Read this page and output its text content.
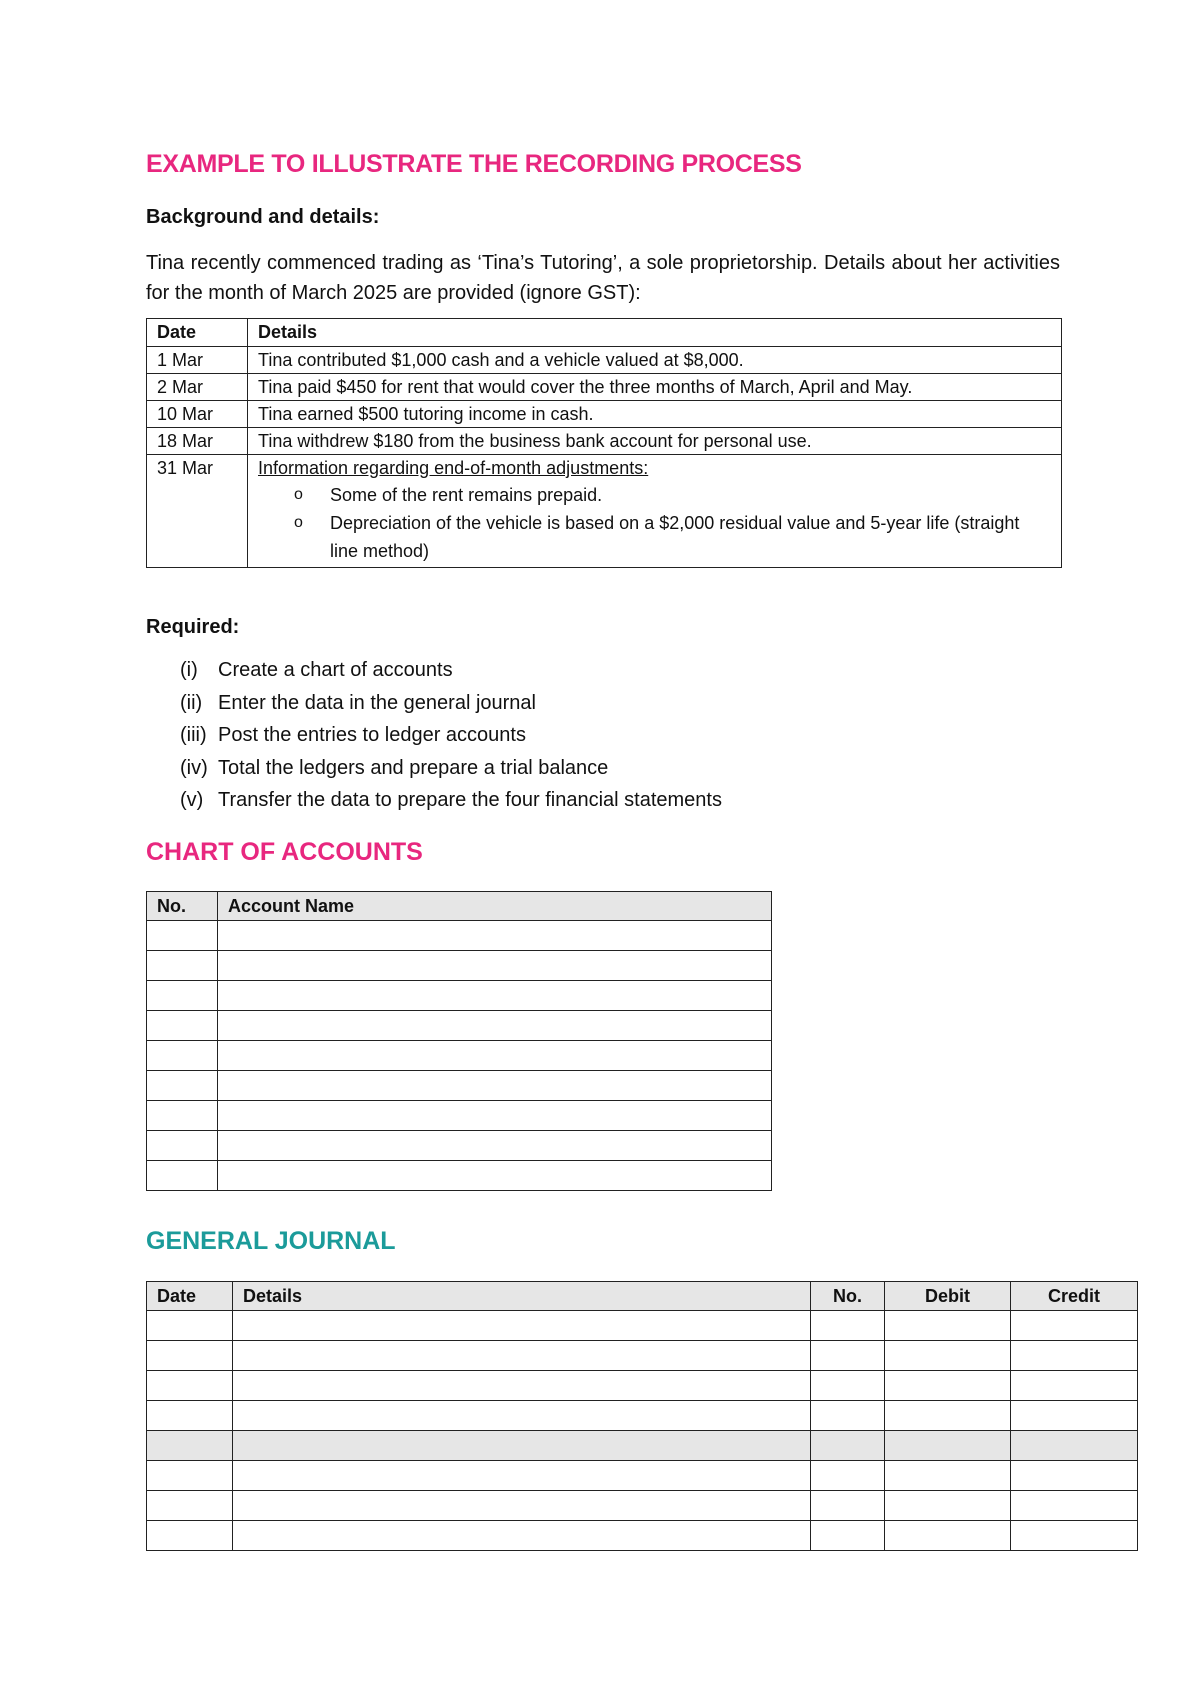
EXAMPLE TO ILLUSTRATE THE RECORDING PROCESS
Background and details:
Tina recently commenced trading as ‘Tina’s Tutoring’, a sole proprietorship. Details about her activities for the month of March 2025 are provided (ignore GST):
Date	Details
1 Mar	Tina contributed $1,000 cash and a vehicle valued at $8,000.
2 Mar	Tina paid $450 for rent that would cover the three months of March, April and May.
10 Mar	Tina earned $500 tutoring income in cash.
18 Mar	Tina withdrew $180 from the business bank account for personal use.
31 Mar	Information regarding end-of-month adjustments:
o Some of the rent remains prepaid.
o Depreciation of the vehicle is based on a $2,000 residual value and 5-year life (straight line method)
Required:
(i)	Create a chart of accounts
(ii) Enter the data in the general journal
(iii) Post the entries to ledger accounts
(iv) Total the ledgers and prepare a trial balance
(v) Transfer the data to prepare the four financial statements
CHART OF ACCOUNTS
No.	Account Name

GENERAL JOURNAL
Date	Details	No.	Debit	Credit
